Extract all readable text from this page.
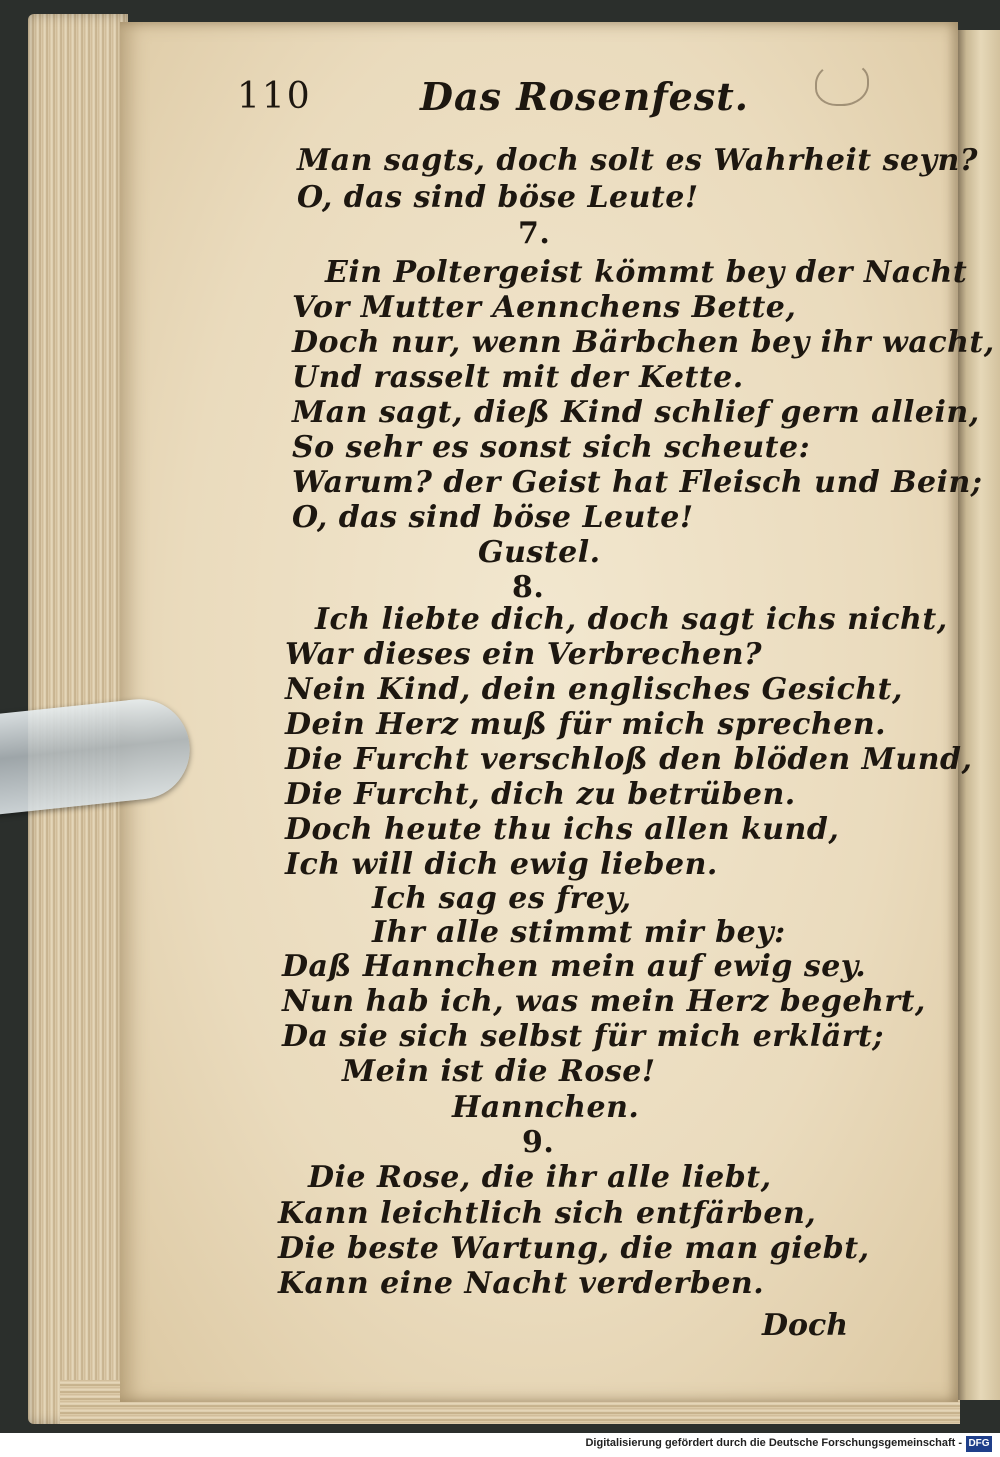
110	Das Rosenfest.
Man sagts, doch solt es Wahrheit seyn?
O, das sind böse Leute!
7.
Ein Poltergeist kömmt bey der Nacht
Vor Mutter Aennchens Bette,
Doch nur, wenn Bärbchen bey ihr wacht,
Und rasselt mit der Kette.
Man sagt, dieß Kind schlief gern allein,
So sehr es sonst sich scheute:
Warum? der Geist hat Fleisch und Bein;
O, das sind böse Leute!
Gustel.
8.
Ich liebte dich, doch sagt ichs nicht,
War dieses ein Verbrechen?
Nein Kind, dein englisches Gesicht,
Dein Herz muß für mich sprechen.
Die Furcht verschloß den blöden Mund,
Die Furcht, dich zu betrüben.
Doch heute thu ichs allen kund,
Ich will dich ewig lieben.
Ich sag es frey,
Ihr alle stimmt mir bey:
Daß Hannchen mein auf ewig sey.
Nun hab ich, was mein Herz begehrt,
Da sie sich selbst für mich erklärt;
Mein ist die Rose!
Hannchen.
9.
Die Rose, die ihr alle liebt,
Kann leichtlich sich entfärben,
Die beste Wartung, die man giebt,
Kann eine Nacht verderben.
Doch
Digitalisierung gefördert durch die Deutsche Forschungsgemeinschaft - DFG
